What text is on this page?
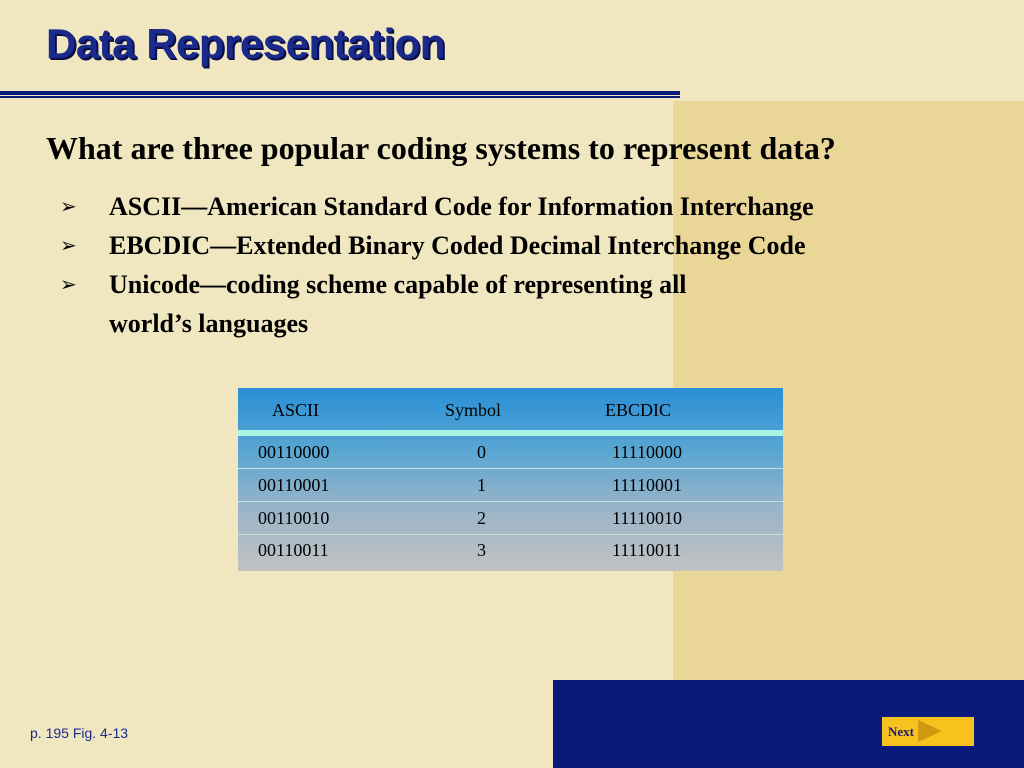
Data Representation
What are three popular coding systems to represent data?
➢ ASCII—American Standard Code for Information Interchange
➢ EBCDIC—Extended Binary Coded Decimal Interchange Code
➢ Unicode—coding scheme capable of representing all
world’s languages
ASCII	Symbol	EBCDIC
00110000	0	11110000
00110001	1	11110001
00110010	2	11110010
00110011	3	11110011
p. 195 Fig. 4-13	Next
